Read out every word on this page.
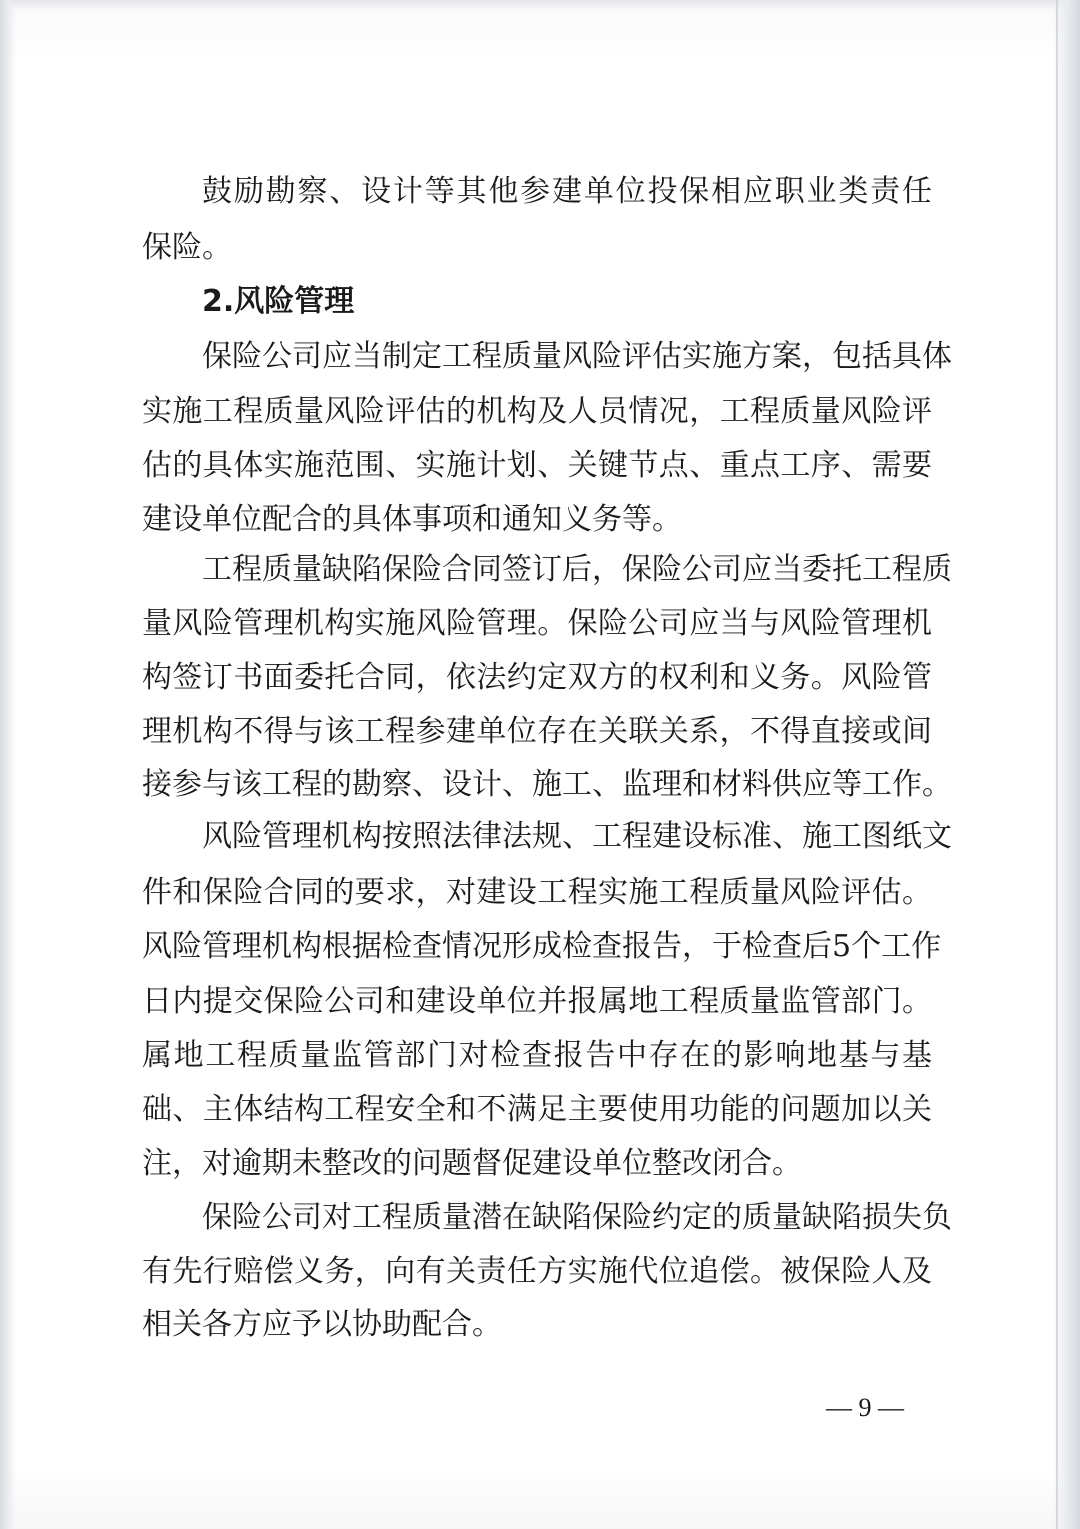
鼓励勘察、设计等其他参建单位投保相应职业类责任

保险。

2.风险管理

保险公司应当制定工程质量风险评估实施方案，包括具体

实施工程质量风险评估的机构及人员情况，工程质量风险评

估的具体实施范围、实施计划、关键节点、重点工序、需要

建设单位配合的具体事项和通知义务等。

工程质量缺陷保险合同签订后，保险公司应当委托工程质

量风险管理机构实施风险管理。保险公司应当与风险管理机

构签订书面委托合同，依法约定双方的权利和义务。风险管

理机构不得与该工程参建单位存在关联关系，不得直接或间

接参与该工程的勘察、设计、施工、监理和材料供应等工作。

风险管理机构按照法律法规、工程建设标准、施工图纸文

件和保险合同的要求，对建设工程实施工程质量风险评估。

风险管理机构根据检查情况形成检查报告，于检查后5个工作

日内提交保险公司和建设单位并报属地工程质量监管部门。

属地工程质量监管部门对检查报告中存在的影响地基与基

础、主体结构工程安全和不满足主要使用功能的问题加以关

注，对逾期未整改的问题督促建设单位整改闭合。

保险公司对工程质量潜在缺陷保险约定的质量缺陷损失负

有先行赔偿义务，向有关责任方实施代位追偿。被保险人及

相关各方应予以协助配合。

— 9 —
